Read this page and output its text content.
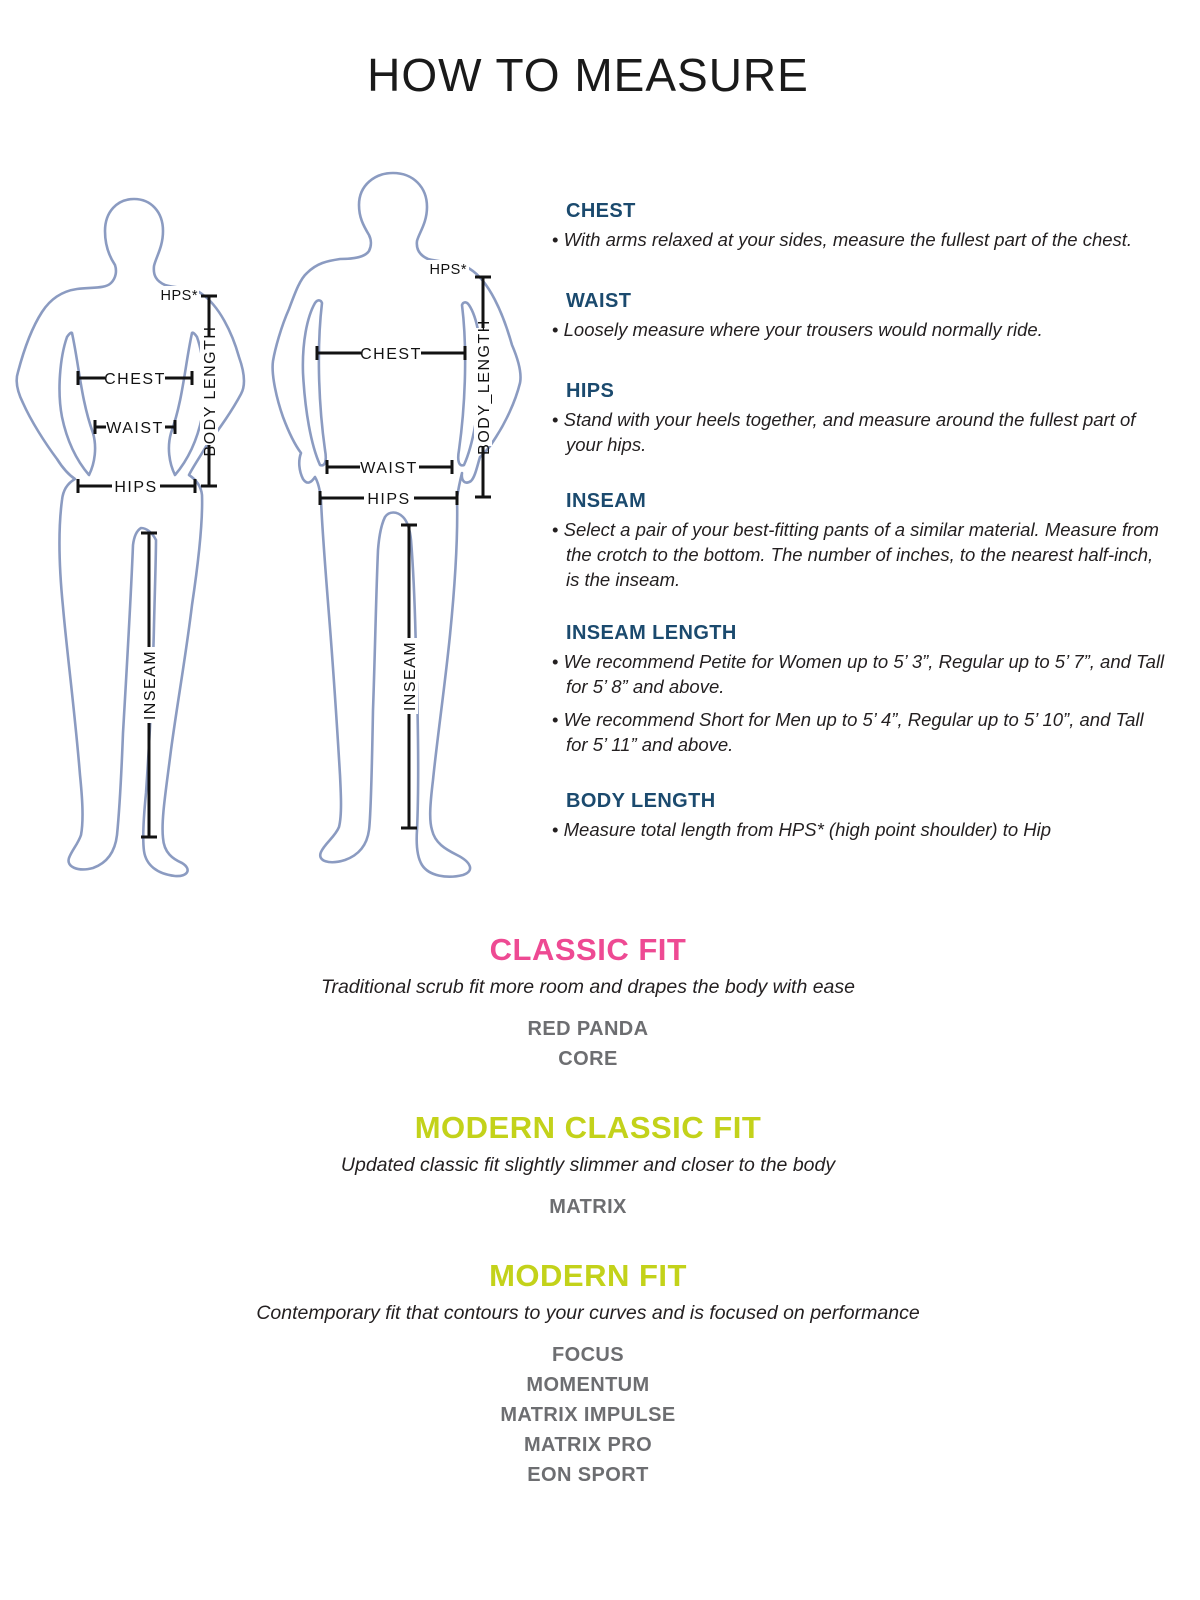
HOW TO MEASURE
BODY LENGTH
HPS*
CHEST
WAIST
HIPS
INSEAM
BODY_LENGTH
HPS*
CHEST
WAIST
HIPS
INSEAM
CHEST

• With arms relaxed at your sides, measure the fullest part of the chest.

WAIST

• Loosely measure where your trousers would normally ride.

HIPS

• Stand with your heels together, and measure around the fullest part of your hips.

INSEAM

• Select a pair of your best-fitting pants of a similar material. Measure from the crotch to the bottom. The number of inches, to the nearest half-inch, is the inseam.

INSEAM LENGTH

• We recommend Petite for Women up to 5’ 3”, Regular up to 5’ 7”, and Tall for 5’ 8” and above.

• We recommend Short for Men up to 5’ 4”, Regular up to 5’ 10”, and Tall for 5’ 11” and above.

BODY LENGTH

• Measure total length from HPS* (high point shoulder) to Hip

CLASSIC FIT

Traditional scrub fit more room and drapes the body with ease

RED PANDA
CORE
MODERN CLASSIC FIT

Updated classic fit slightly slimmer and closer to the body

MATRIX
MODERN FIT

Contemporary fit that contours to your curves and is focused on performance

FOCUS
MOMENTUM
MATRIX IMPULSE
MATRIX PRO
EON SPORT
